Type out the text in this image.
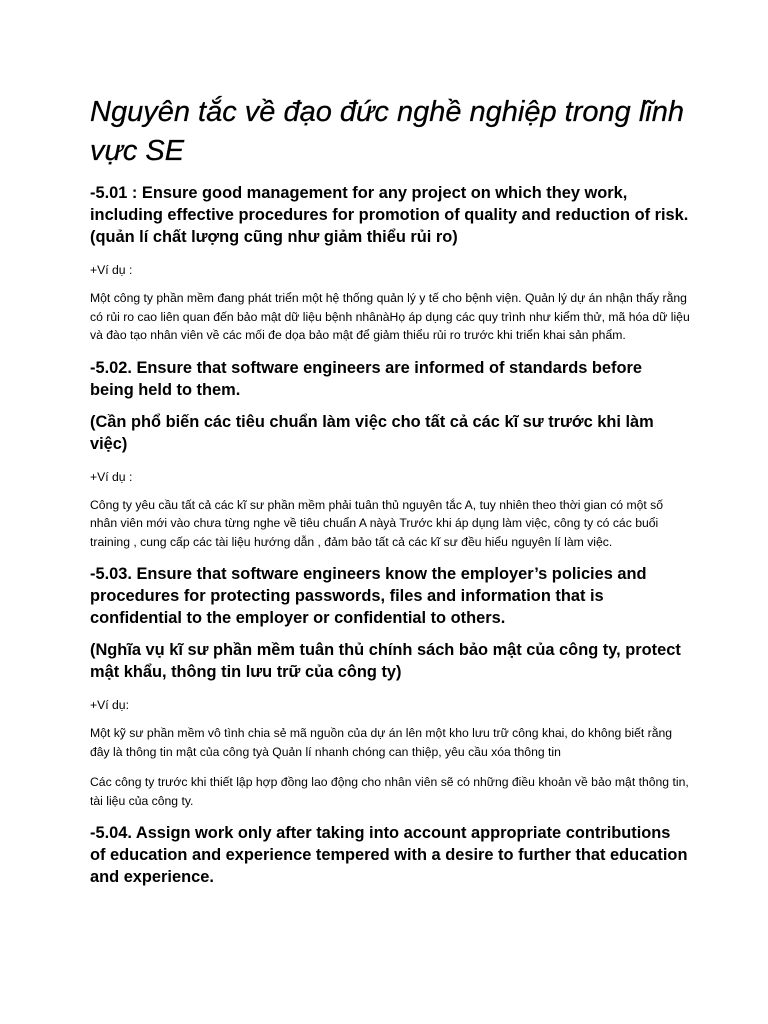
Nguyên tắc về đạo đức nghề nghiệp trong lĩnh vực SE
-5.01 : Ensure good management for any project on which they work, including effective procedures for promotion of quality and reduction of risk.(quản lí chất lượng cũng như giảm thiểu rủi ro)
+Ví dụ :
Một công ty phần mềm đang phát triển một hệ thống quản lý y tế cho bệnh viện. Quản lý dự án nhận thấy rằng có rủi ro cao liên quan đến bảo mật dữ liệu bệnh nhânàHọ áp dụng các quy trình như kiểm thử, mã hóa dữ liệu và đào tạo nhân viên về các mối đe dọa bảo mật để giảm thiểu rủi ro trước khi triển khai sản phẩm.
-5.02. Ensure that software engineers are informed of standards before being held to them.
(Cần phổ biến các tiêu chuẩn làm việc cho tất cả các kĩ sư trước khi làm việc)
+Ví dụ :
Công ty yêu cầu tất cả các kĩ sư phần mềm phải tuân thủ nguyên tắc A, tuy nhiên theo thời gian có một số nhân viên mới vào chưa từng nghe về tiêu chuẩn A nàyà Trước khi áp dụng làm việc, công ty có các buổi training , cung cấp các tài liệu hướng dẫn , đảm bảo tất cả các kĩ sư đều hiểu nguyên lí làm việc.
-5.03. Ensure that software engineers know the employer’s policies and procedures for protecting passwords, files and information that is confidential to the employer or confidential to others.
(Nghĩa vụ kĩ sư phần mềm tuân thủ chính sách bảo mật của công ty, protect mật khẩu, thông tin lưu trữ của công ty)
+Ví dụ:
Một kỹ sư phần mềm vô tình chia sẻ mã nguồn của dự án lên một kho lưu trữ công khai, do không biết rằng đây là thông tin mật của công tyà Quản lí nhanh chóng can thiệp, yêu cầu xóa thông tin
Các công ty trước khi thiết lập hợp đồng lao động cho nhân viên sẽ có những điều khoản về bảo mật thông tin, tài liệu của công ty.
-5.04. Assign work only after taking into account appropriate contributions of education and experience tempered with a desire to further that education and experience.
